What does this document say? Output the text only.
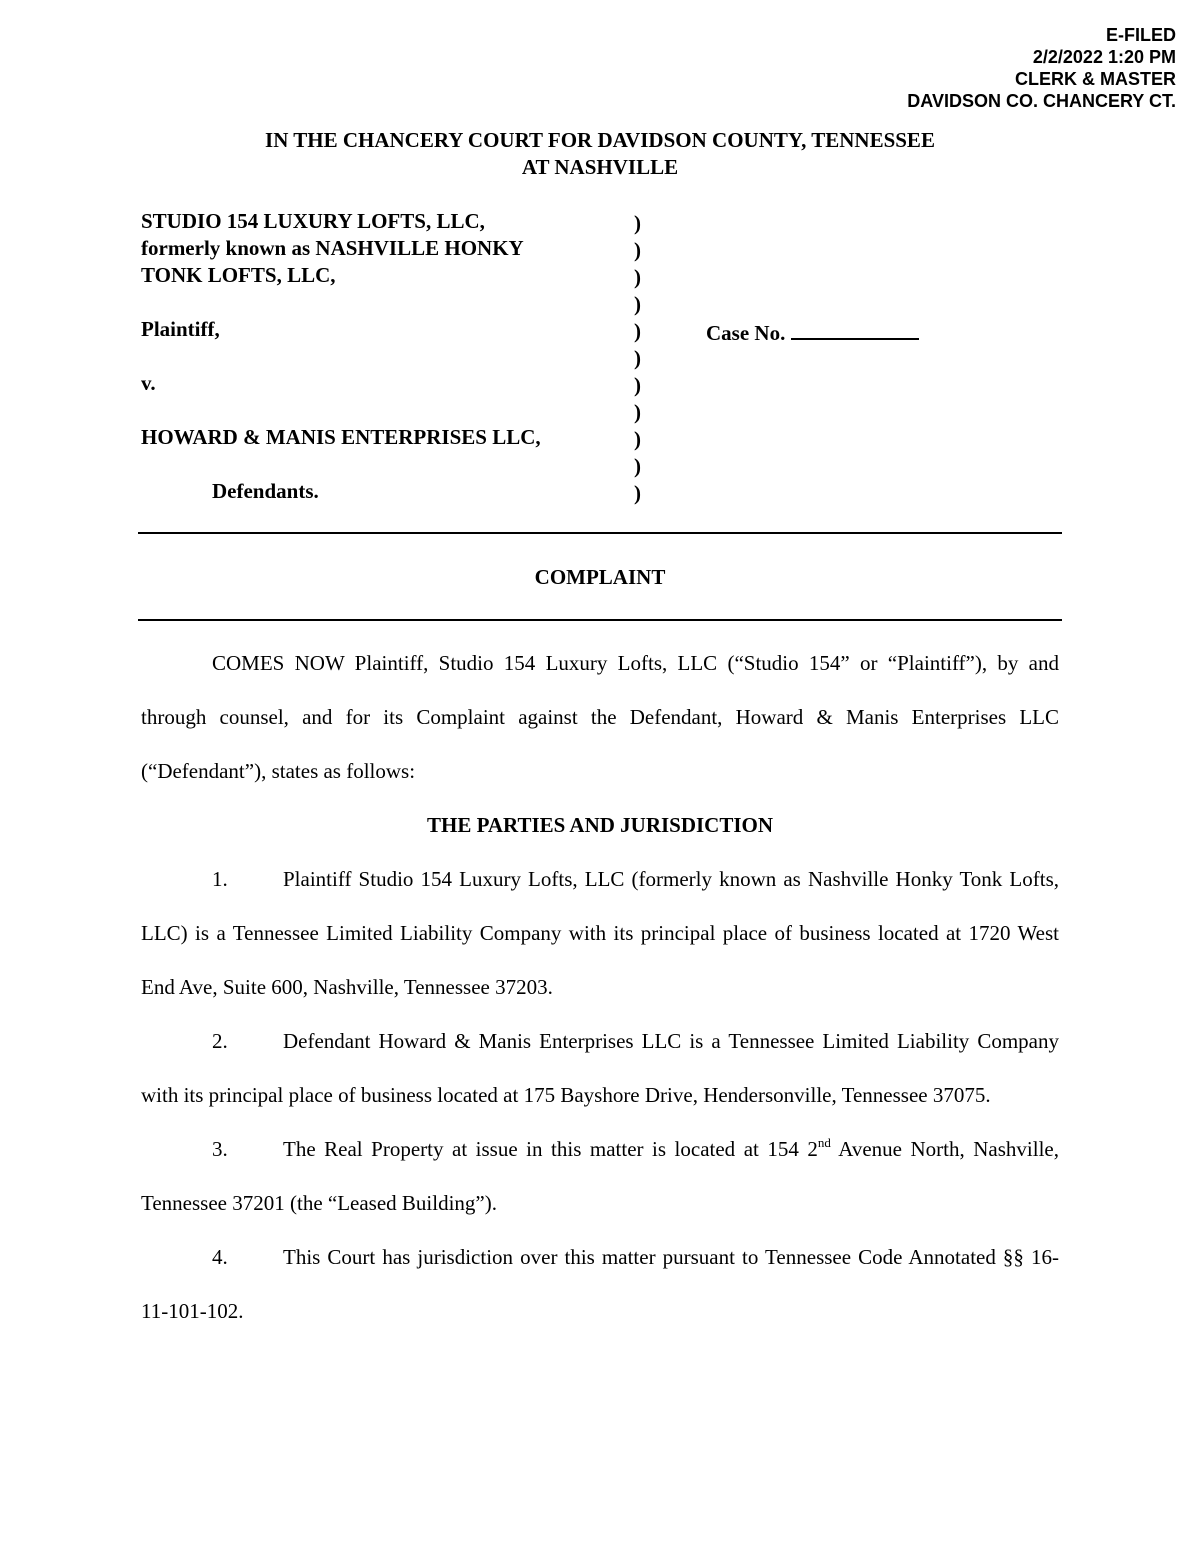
E-FILED
2/2/2022 1:20 PM
CLERK & MASTER
DAVIDSON CO. CHANCERY CT.
IN THE CHANCERY COURT FOR DAVIDSON COUNTY, TENNESSEE
AT NASHVILLE

STUDIO 154 LUXURY LOFTS, LLC,

formerly known as NASHVILLE HONKY

TONK LOFTS, LLC,

Plaintiff,

v.

HOWARD & MANIS ENTERPRISES LLC,

Defendants.

)
)
)
)
)
)
)
)
)
)
)
Case No.
COMPLAINT

COMES NOW Plaintiff, Studio 154 Luxury Lofts, LLC (“Studio 154” or “Plaintiff”), by and through counsel, and for its Complaint against the Defendant, Howard & Manis Enterprises LLC (“Defendant”), states as follows:

THE PARTIES AND JURISDICTION

1.	Plaintiff Studio 154 Luxury Lofts, LLC (formerly known as Nashville Honky Tonk Lofts, LLC) is a Tennessee Limited Liability Company with its principal place of business located at 1720 West End Ave, Suite 600, Nashville, Tennessee 37203.

2.	Defendant Howard & Manis Enterprises LLC is a Tennessee Limited Liability Company with its principal place of business located at 175 Bayshore Drive, Hendersonville, Tennessee 37075.

3.	The Real Property at issue in this matter is located at 154 2nd Avenue North, Nashville, Tennessee 37201 (the “Leased Building”).

4.	This Court has jurisdiction over this matter pursuant to Tennessee Code Annotated §§ 16-11-101-102.
